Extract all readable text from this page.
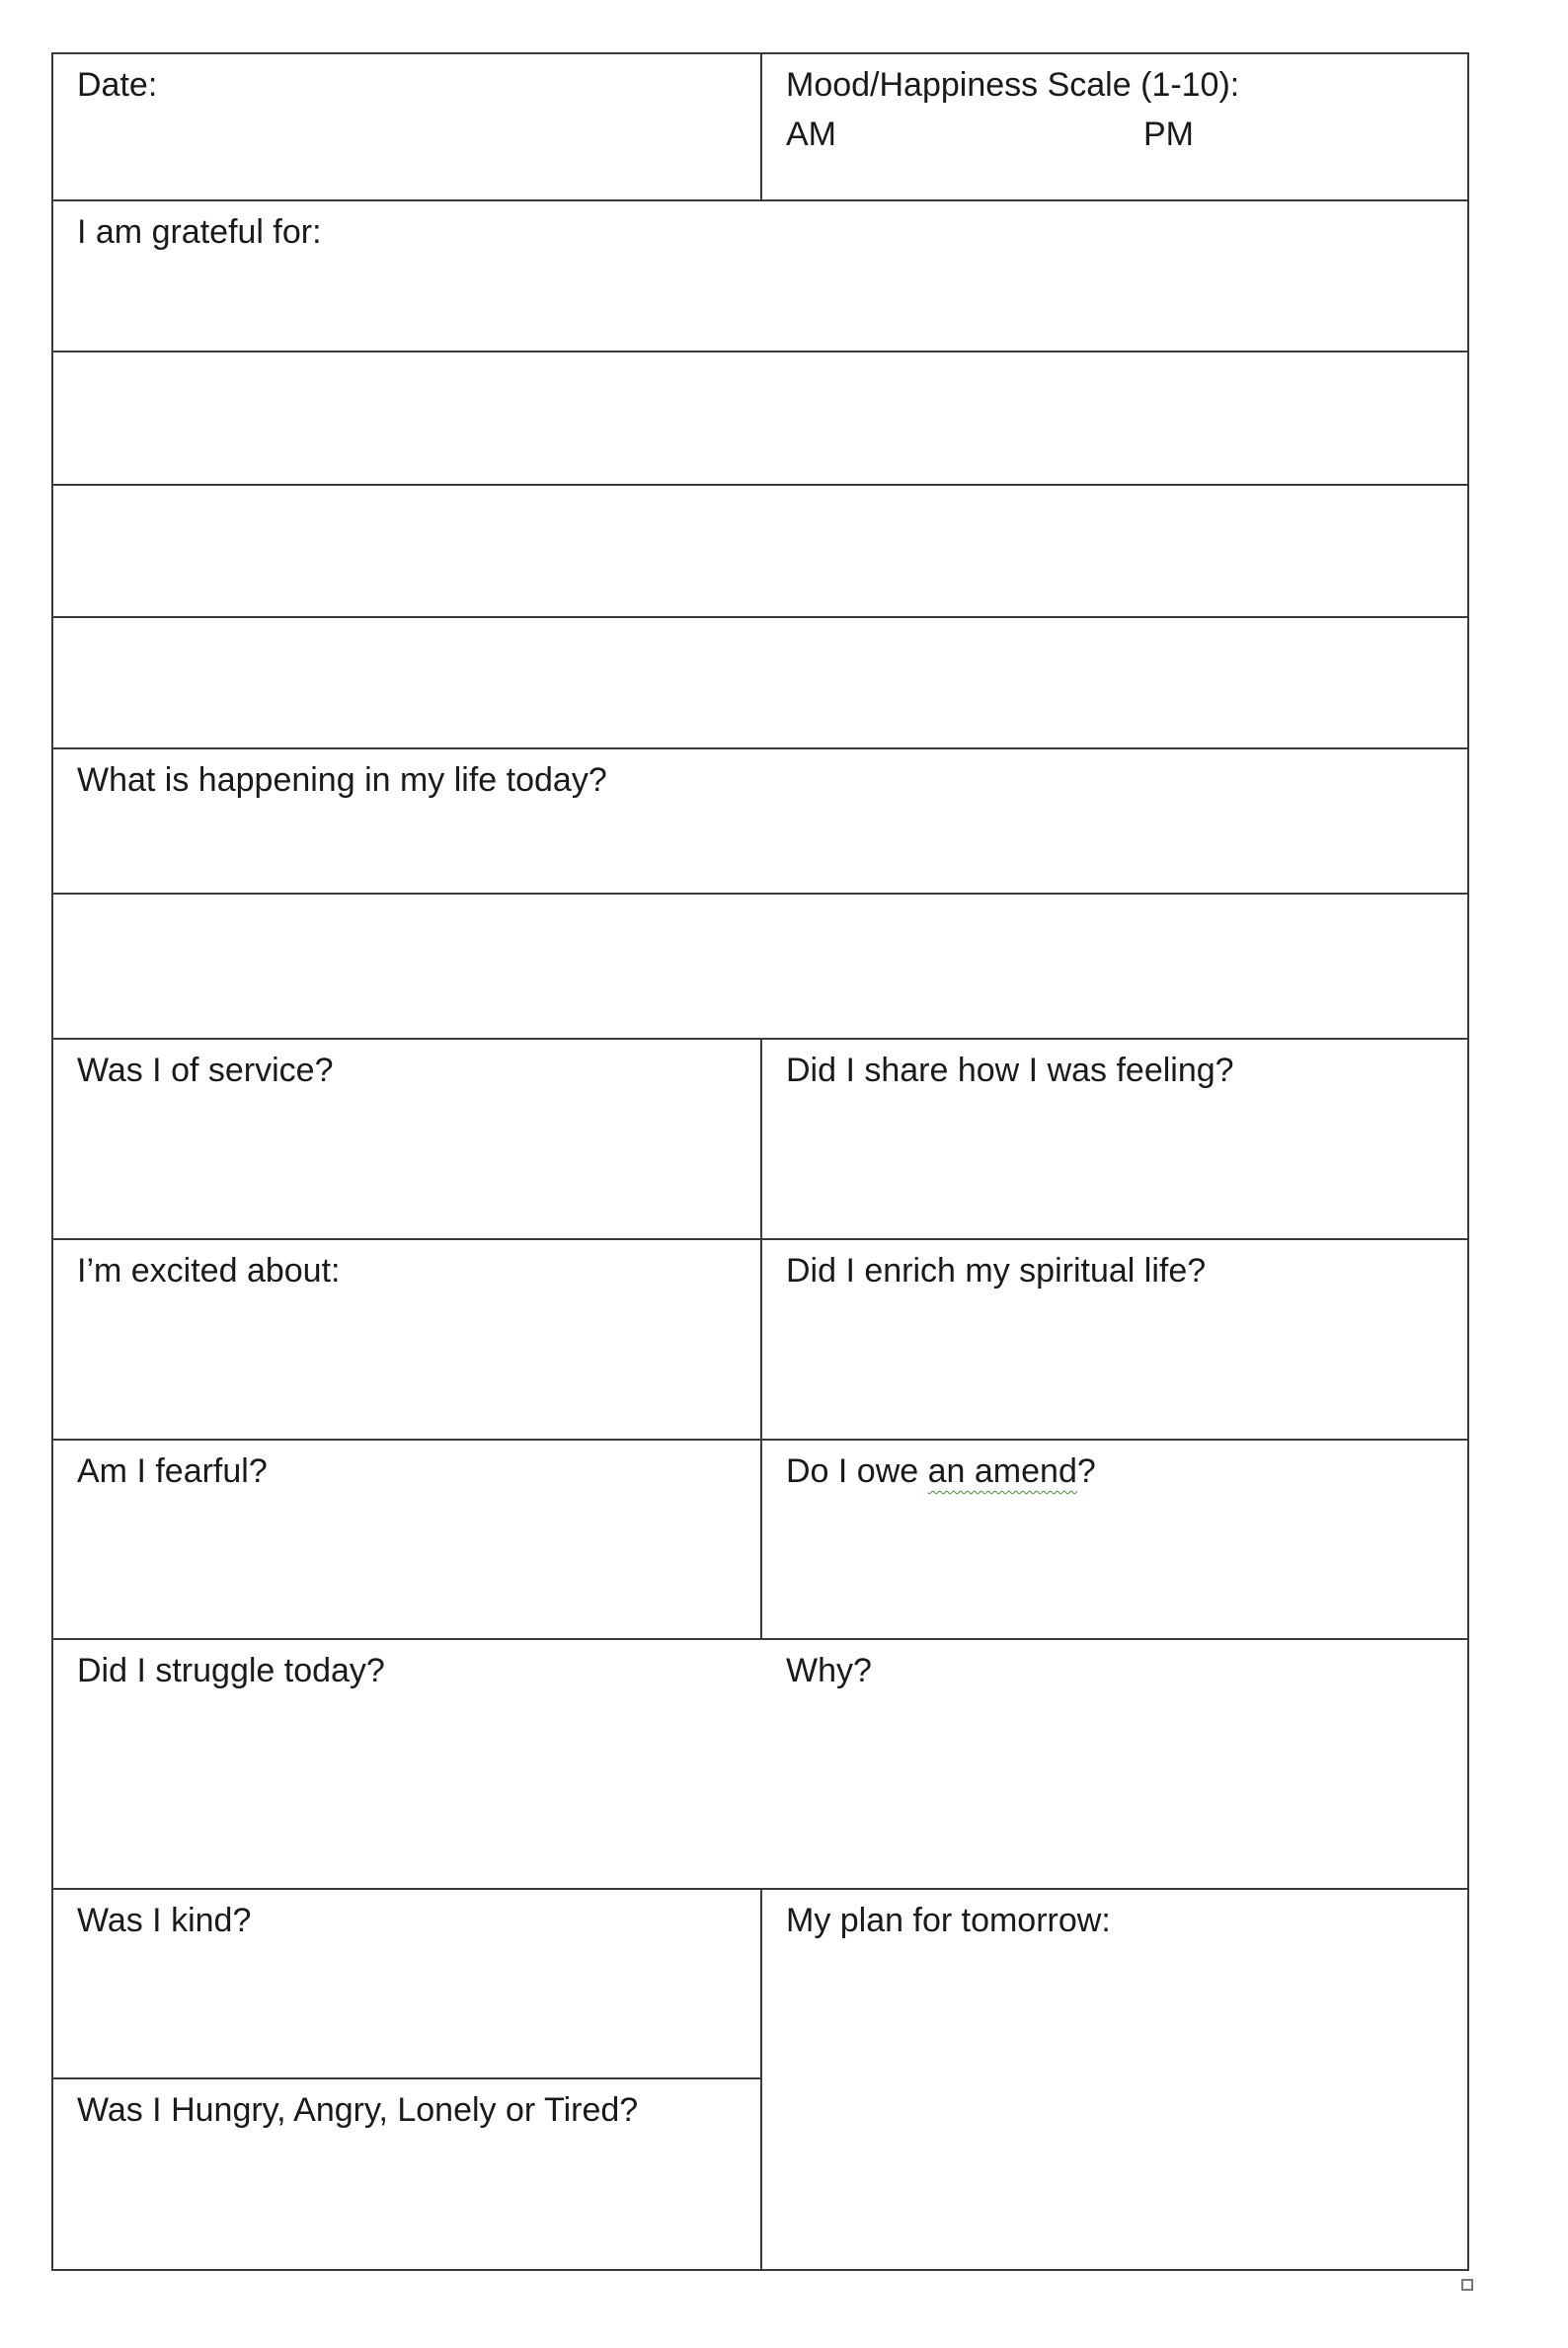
Date:	Mood/Happiness Scale (1-10):
AM	PM
I am grateful for:
What is happening in my life today?
Was I of service?	Did I share how I was feeling?
I’m excited about:	Did I enrich my spiritual life?
Am I fearful?	Do I owe an amend?
Did I struggle today?	Why?
Was I kind?	My plan for tomorrow:
Was I Hungry, Angry, Lonely or Tired?
